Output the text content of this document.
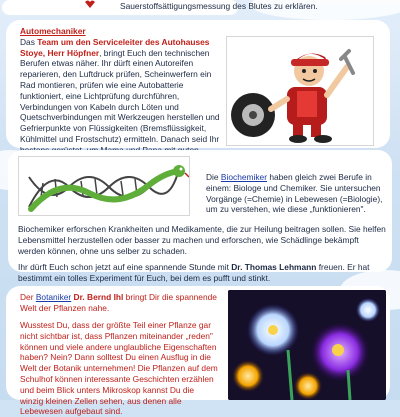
Sauerstoffsättigungsmessung des Blutes zu erklären.
Automechaniker
Das Team um den Serviceleiter des Autohauses Stoye, Herr Höpfner, bringt Euch den technischen Berufen etwas näher. Ihr dürft einen Autoreifen reparieren, den Luftdruck prüfen, Scheinwerfern ein Rad montieren, prüfen wie eine Autobatterie funktioniert, eine Lichtprüfung durchführen, Verbindungen von Kabeln durch Löten und Quetschverbindungen mit Werkzeugen herstellen und Gefrierpunkte von Flüssigkeiten (Bremsflüssigkeit, Kühlmittel und Frostschutz) ermitteln. Danach seid Ihr
Die Biochemiker haben gleich zwei Berufe in einem: Biologe und Chemiker. Sie untersuchen Vorgänge (=Chemie) in Lebewesen (=Biologie), um zu verstehen, wie diese „funktionieren".
Biochemiker erforschen Krankheiten und Medikamente, die zur Heilung beitragen sollen. Sie helfen Lebensmittel herzustellen oder basser zu machen und erforschen, wie Schädlinge bekämpft werden können, ohne uns selber zu schaden.
Ihr dürft Euch schon jetzt auf eine spannende Stunde mit Dr. Thomas Lehmann freuen. Er hat bestimmt ein tolles Experiment für Euch, bei dem es pufft und stinkt.
Der Botaniker Dr. Bernd Ihl bringt Dir die spannende Welt der Pflanzen nahe.
Wusstest Du, dass der größte Teil einer Pflanze gar nicht sichtbar ist, dass Pflanzen miteinander „reden" können und viele andere unglaubliche Eigenschaften haben? Nein? Dann solltest Du einen Ausflug in die Welt der Botanik unternehmen! Die Pflanzen auf dem Schulhof können interessante Geschichten erzählen und beim Blick unters Mikroskop kannst Du die winzig kleinen Zellen sehen, aus denen alle Lebewesen aufgebaut sind.
